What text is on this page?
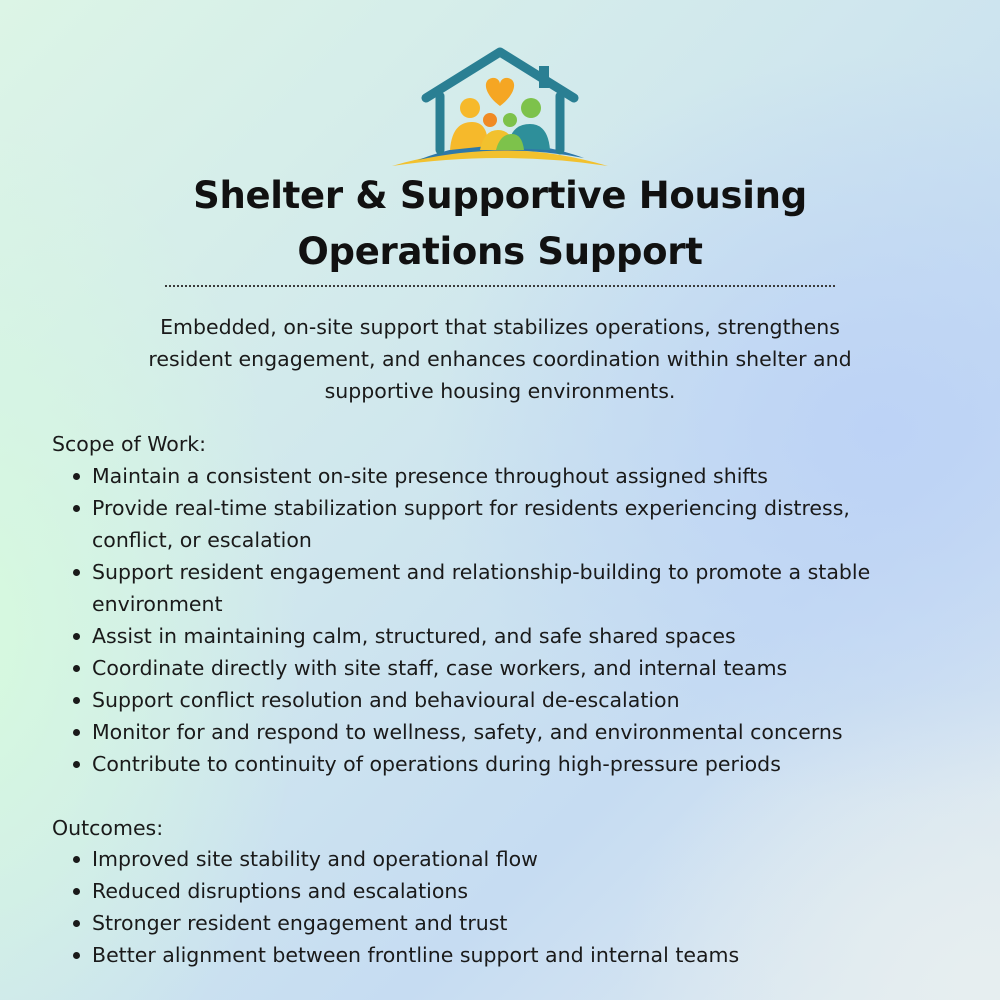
Shelter & Supportive Housing
Operations Support
Embedded, on-site support that stabilizes operations, strengthens
resident engagement, and enhances coordination within shelter and
supportive housing environments.
Scope of Work:
Maintain a consistent on-site presence throughout assigned shifts
Provide real-time stabilization support for residents experiencing distress,
conflict, or escalation
Support resident engagement and relationship-building to promote a stable
environment
Assist in maintaining calm, structured, and safe shared spaces
Coordinate directly with site staff, case workers, and internal teams
Support conflict resolution and behavioural de-escalation
Monitor for and respond to wellness, safety, and environmental concerns
Contribute to continuity of operations during high-pressure periods
Outcomes:
Improved site stability and operational flow
Reduced disruptions and escalations
Stronger resident engagement and trust
Better alignment between frontline support and internal teams
